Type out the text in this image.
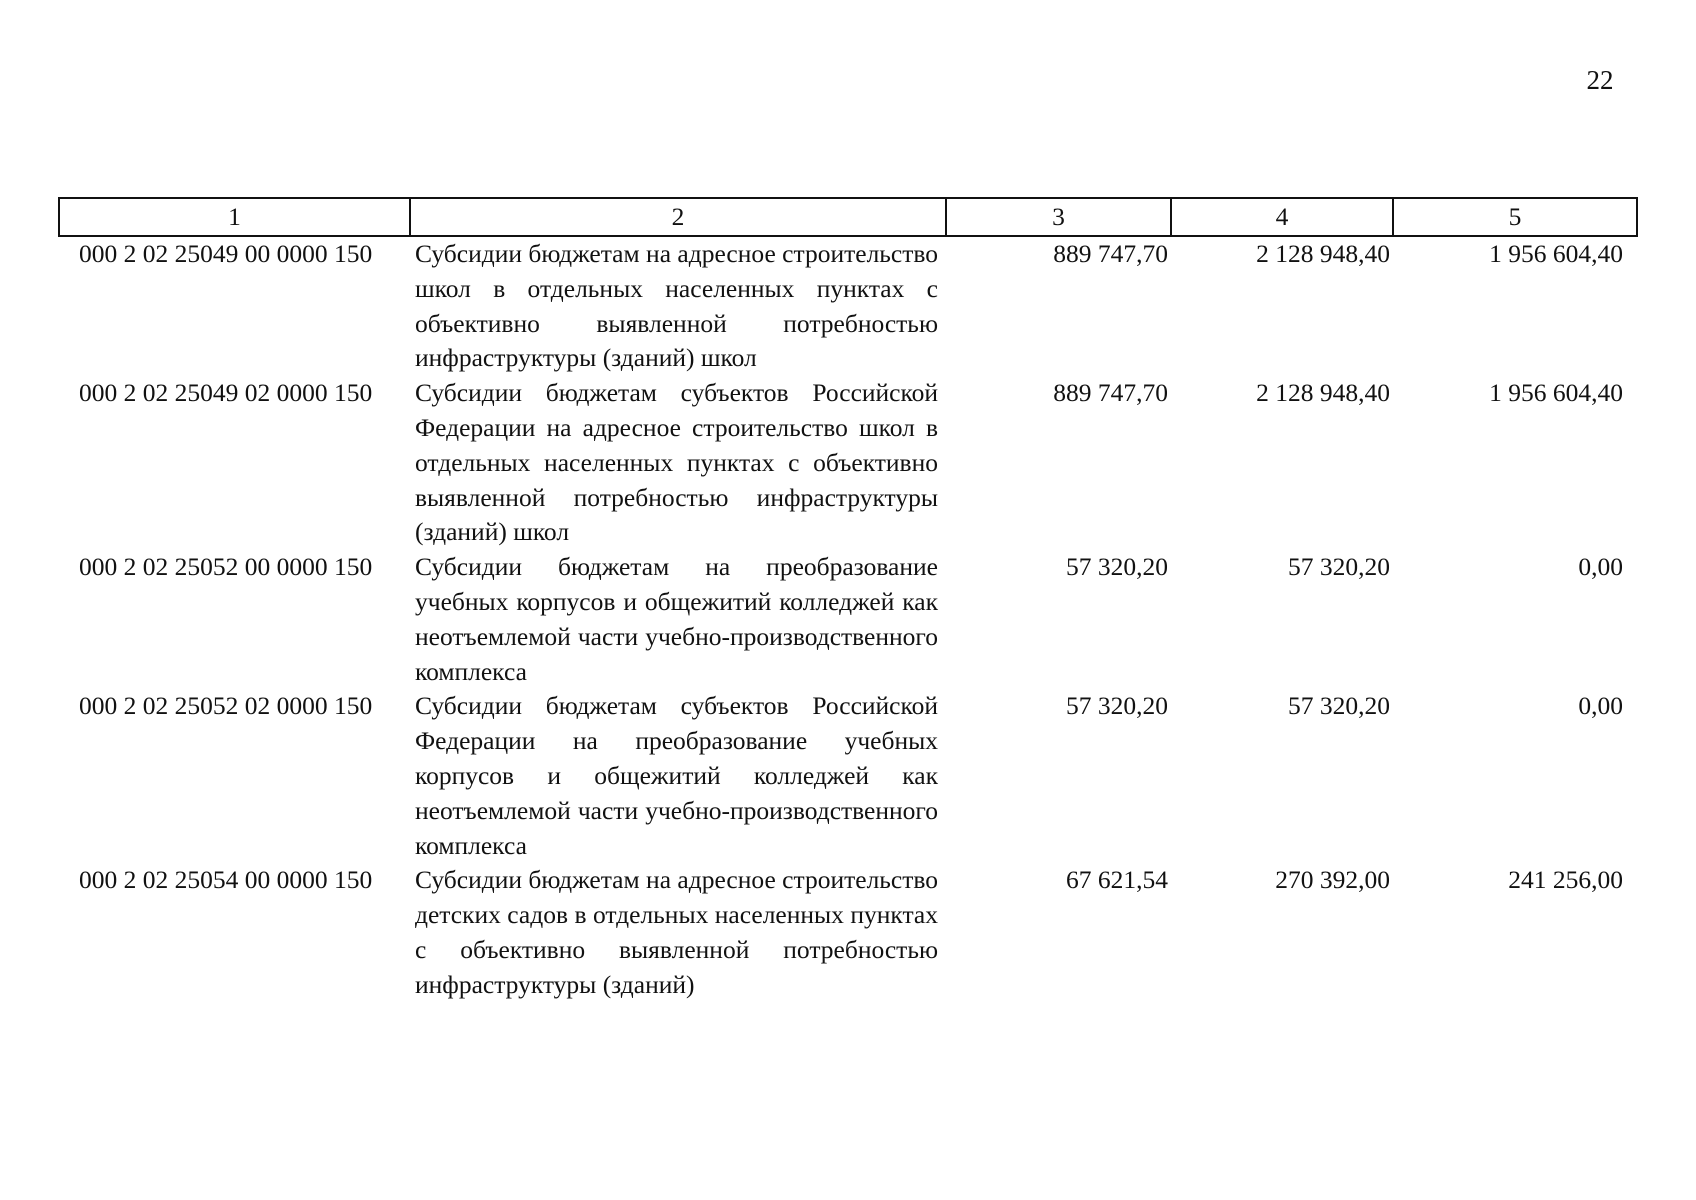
22
1	2	3	4	5
000 2 02 25049 00 0000 150	Субсидии бюджетам на адресное строительство школ в отдельных населенных пунктах с объективно выявленной потребностью инфраструктуры (зданий) школ	889 747,70	2 128 948,40	1 956 604,40
000 2 02 25049 02 0000 150	Субсидии бюджетам субъектов Российской Федерации на адресное строительство школ в отдельных населенных пунктах с объективно выявленной потребностью инфраструктуры (зданий) школ	889 747,70	2 128 948,40	1 956 604,40
000 2 02 25052 00 0000 150	Субсидии бюджетам на преобразование учебных корпусов и общежитий колледжей как неотъемлемой части учебно-производственного комплекса	57 320,20	57 320,20	0,00
000 2 02 25052 02 0000 150	Субсидии бюджетам субъектов Российской Федерации на преобразование учебных корпусов и общежитий колледжей как неотъемлемой части учебно-производственного комплекса	57 320,20	57 320,20	0,00
000 2 02 25054 00 0000 150	Субсидии бюджетам на адресное строительство детских садов в отдельных населенных пунктах с объективно выявленной потребностью инфраструктуры (зданий)	67 621,54	270 392,00	241 256,00
